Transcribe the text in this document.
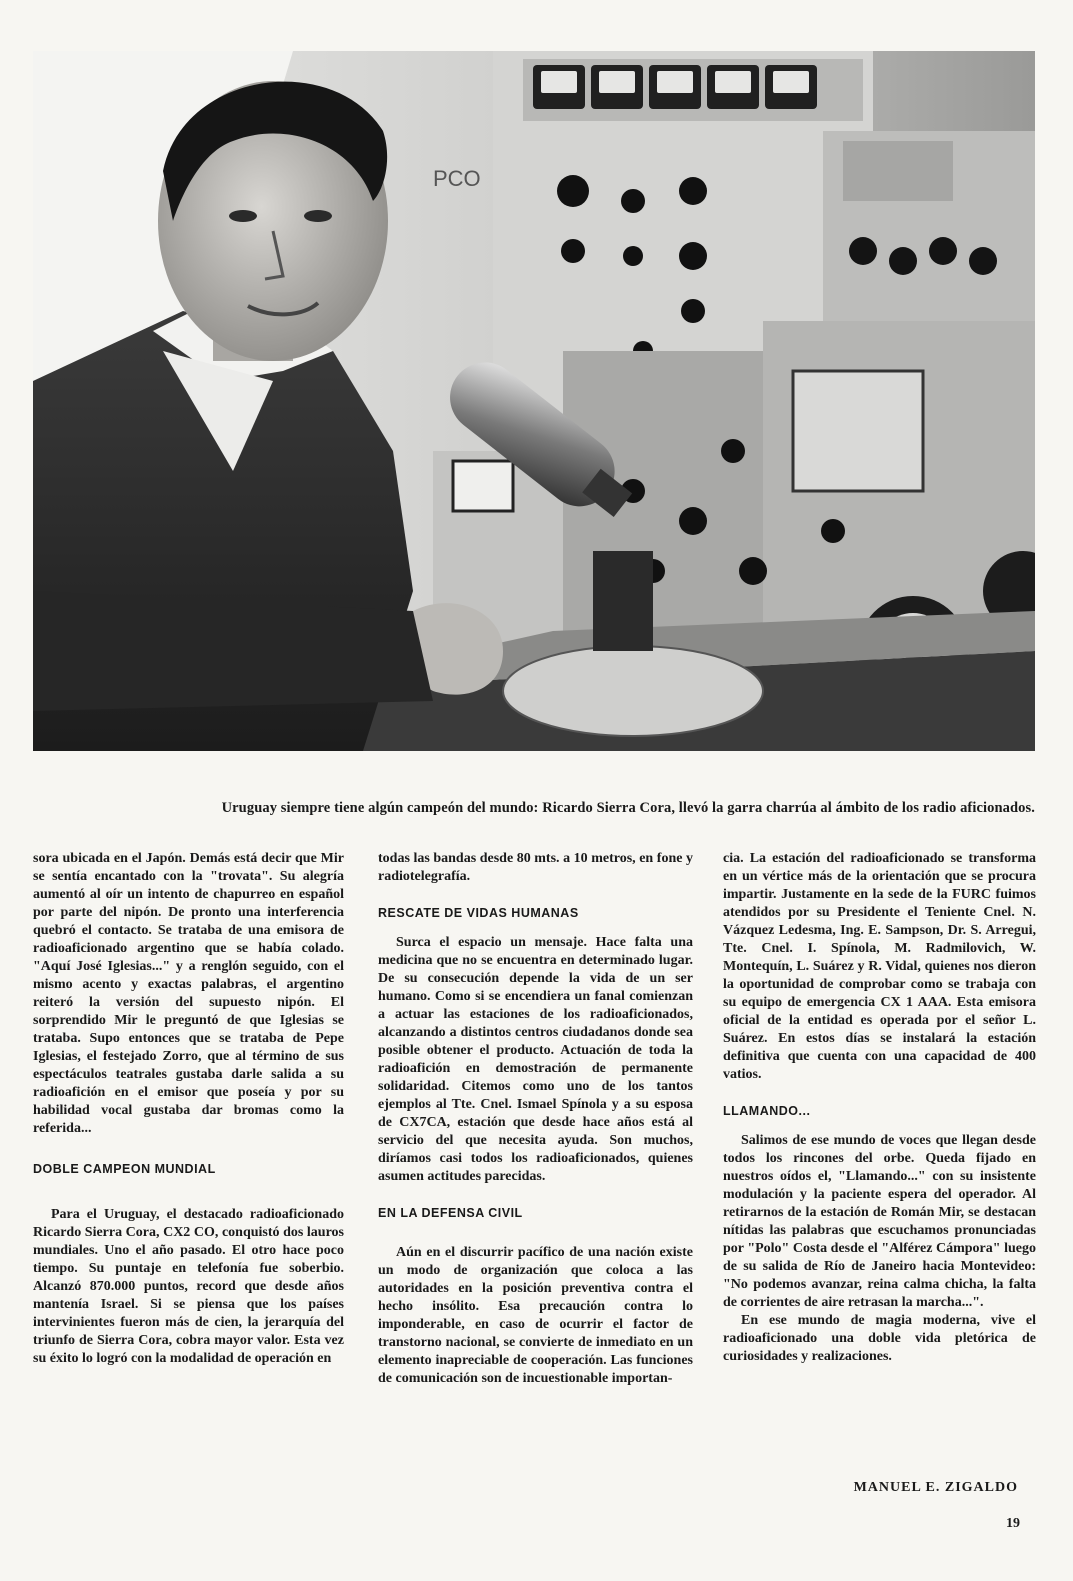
PCO
Uruguay siempre tiene algún campeón del mundo: Ricardo Sierra Cora, llevó la garra charrúa al ámbito de los radio aficionados.

sora ubicada en el Japón. Demás está decir que Mir se sentía encantado con la "trovata". Su alegría aumentó al oír un intento de chapurreo en español por parte del nipón. De pronto una interferencia quebró el contacto. Se trataba de una emisora de radioaficionado argentino que se había colado. "Aquí José Iglesias..." y a renglón seguido, con el mismo acento y exactas palabras, el argentino reiteró la versión del supuesto nipón. El sorprendido Mir le preguntó de que Iglesias se trataba. Supo entonces que se trataba de Pepe Iglesias, el festejado Zorro, que al término de sus espectáculos teatrales gustaba darle salida a su radioafición en el emisor que poseía y por su habilidad vocal gustaba dar bromas como la referida...

DOBLE CAMPEON MUNDIAL

Para el Uruguay, el destacado radioaficionado Ricardo Sierra Cora, CX2 CO, conquistó dos lauros mundiales. Uno el año pasado. El otro hace poco tiempo. Su puntaje en telefonía fue soberbio. Alcanzó 870.000 puntos, record que desde años mantenía Israel. Si se piensa que los países intervinientes fueron más de cien, la jerarquía del triunfo de Sierra Cora, cobra mayor valor. Esta vez su éxito lo logró con la modalidad de operación en

todas las bandas desde 80 mts. a 10 metros, en fone y radiotelegrafía.

RESCATE DE VIDAS HUMANAS

Surca el espacio un mensaje. Hace falta una medicina que no se encuentra en determinado lugar. De su consecución depende la vida de un ser humano. Como si se encendiera un fanal comienzan a actuar las estaciones de los radioaficionados, alcanzando a distintos centros ciudadanos donde sea posible obtener el producto. Actuación de toda la radioafición en demostración de permanente solidaridad. Citemos como uno de los tantos ejemplos al Tte. Cnel. Ismael Spínola y a su esposa de CX7CA, estación que desde hace años está al servicio del que necesita ayuda. Son muchos, diríamos casi todos los radioaficionados, quienes asumen actitudes parecidas.

EN LA DEFENSA CIVIL

Aún en el discurrir pacífico de una nación existe un modo de organización que coloca a las autoridades en la posición preventiva contra el hecho insólito. Esa precaución contra lo imponderable, en caso de ocurrir el factor de transtorno nacional, se convierte de inmediato en un elemento inapreciable de cooperación. Las funciones de comunicación son de incuestionable importan-

cia. La estación del radioaficionado se transforma en un vértice más de la orientación que se procura impartir. Justamente en la sede de la FURC fuimos atendidos por su Presidente el Teniente Cnel. N. Vázquez Ledesma, Ing. E. Sampson, Dr. S. Arregui, Tte. Cnel. I. Spínola, M. Radmilovich, W. Montequín, L. Suárez y R. Vidal, quienes nos dieron la oportunidad de comprobar como se trabaja con su equipo de emergencia CX 1 AAA. Esta emisora oficial de la entidad es operada por el señor L. Suárez. En estos días se instalará la estación definitiva que cuenta con una capacidad de 400 vatios.

LLAMANDO...

Salimos de ese mundo de voces que llegan desde todos los rincones del orbe. Queda fijado en nuestros oídos el, "Llamando..." con su insistente modulación y la paciente espera del operador. Al retirarnos de la estación de Román Mir, se destacan nítidas las palabras que escuchamos pronunciadas por "Polo" Costa desde el "Alférez Cámpora" luego de su salida de Río de Janeiro hacia Montevideo: "No podemos avanzar, reina calma chicha, la falta de corrientes de aire retrasan la marcha...".

En ese mundo de magia moderna, vive el radioaficionado una doble vida pletórica de curiosidades y realizaciones.

MANUEL E. ZIGALDO
19
